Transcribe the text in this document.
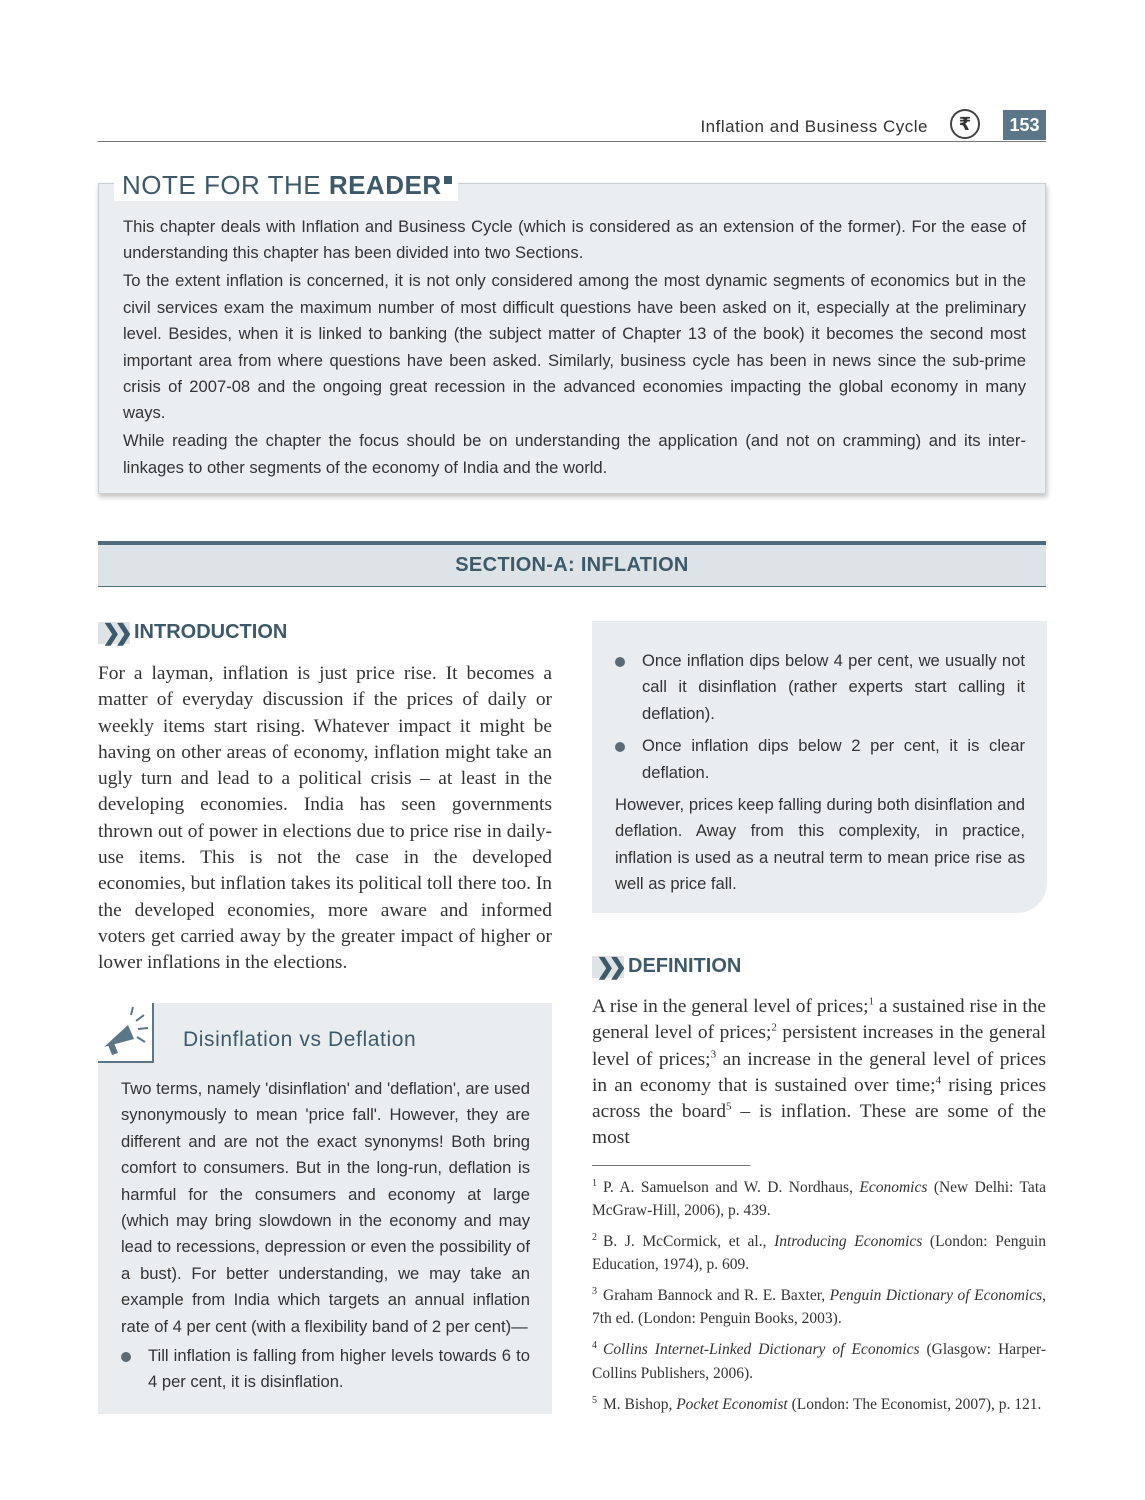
Inflation and Business Cycle	₹	153
NOTE FOR THE READER

This chapter deals with Inflation and Business Cycle (which is considered as an extension of the former). For the ease of understanding this chapter has been divided into two Sections.

To the extent inflation is concerned, it is not only considered among the most dynamic segments of economics but in the civil services exam the maximum number of most difficult questions have been asked on it, especially at the preliminary level. Besides, when it is linked to banking (the subject matter of Chapter 13 of the book) it becomes the second most important area from where questions have been asked. Similarly, business cycle has been in news since the sub-prime crisis of 2007-08 and the ongoing great recession in the advanced economies impacting the global economy in many ways.

While reading the chapter the focus should be on understanding the application (and not on cramming) and its inter-linkages to other segments of the economy of India and the world.

SECTION-A: INFLATION
❯❯ INTRODUCTION

For a layman, inflation is just price rise. It becomes a matter of everyday discussion if the prices of daily or weekly items start rising. Whatever impact it might be having on other areas of economy, inflation might take an ugly turn and lead to a political crisis – at least in the developing economies. India has seen governments thrown out of power in elections due to price rise in daily-use items. This is not the case in the developed economies, but inflation takes its political toll there too. In the developed economies, more aware and informed voters get carried away by the greater impact of higher or lower inflations in the elections.

Disinflation vs Deflation

Two terms, namely 'disinflation' and 'deflation', are used synonymously to mean 'price fall'. However, they are different and are not the exact synonyms! Both bring comfort to consumers. But in the long-run, deflation is harmful for the consumers and economy at large (which may bring slowdown in the economy and may lead to recessions, depression or even the possibility of a bust). For better understanding, we may take an example from India which targets an annual inflation rate of 4 per cent (with a flexibility band of 2 per cent)—

Till inflation is falling from higher levels towards 6 to 4 per cent, it is disinflation.
Once inflation dips below 4 per cent, we usually not call it disinflation (rather experts start calling it deflation).
Once inflation dips below 2 per cent, it is clear deflation.

However, prices keep falling during both disinflation and deflation. Away from this complexity, in practice, inflation is used as a neutral term to mean price rise as well as price fall.

❯❯ DEFINITION
A rise in the general level of prices;$^1$ a sustained rise in the general level of prices;$^2$ persistent increases in the general level of prices;$^3$ an increase in the general level of prices in an economy that is sustained over time;$^4$ rising prices across the board$^5$ – is inflation. These are some of the most
$^1$ P. A. Samuelson and W. D. Nordhaus, Economics (New Delhi: Tata McGraw-Hill, 2006), p. 439.
$^2$ B. J. McCormick, et al., Introducing Economics (London: Penguin Education, 1974), p. 609.
$^3$ Graham Bannock and R. E. Baxter, Penguin Dictionary of Economics, 7th ed. (London: Penguin Books, 2003).
$^4$ Collins Internet-Linked Dictionary of Economics (Glasgow: Harper-Collins Publishers, 2006).
$^5$ M. Bishop, Pocket Economist (London: The Economist, 2007), p. 121.
